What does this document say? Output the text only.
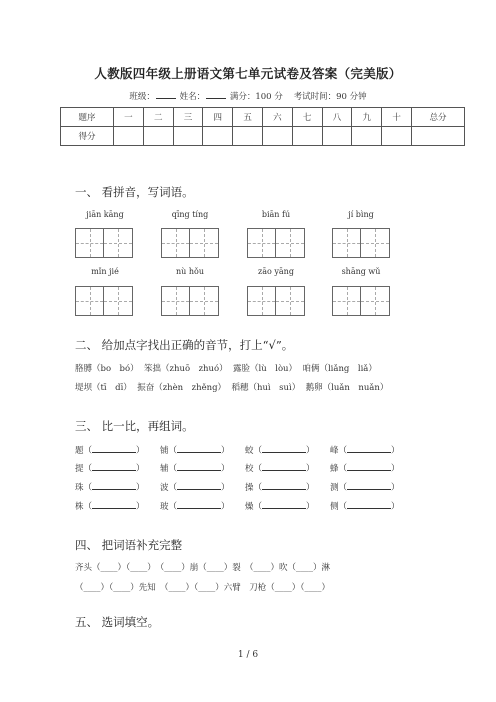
人教版四年级上册语文第七单元试卷及答案（完美版）
班级：	姓名：	满分：100 分 考试时间：90 分钟
题序	一	二	三	四	五	六	七	八	九	十	总分
得分											
一、 看拼音，写词语。
jiān kāng	qīng tíng	biān fú	jí bìng
mǐn jié	nù hǒu	zāo yāng	shāng wǔ
二、 给加点字找出正确的音节，打上“√”。
胳膊（bo　bó） 笨拙（zhuō　zhuó） 露脸（lù　lòu） 咱俩（liǎng　liǎ）
堤坝（tī　dī） 振奋（zhèn　zhěng） 稻穗（huì　suì） 鹅卵（luǎn　nuǎn）
三、 比一比，再组词。
题（	） 铺（	） 蛟（	） 峰（	）
提（	） 辅（	） 校（	） 蜂（	）
珠（	） 波（	） 操（	） 测（	）
株（	） 玻（	） 燥（	） 侧（	）
四、 把词语补充完整
齐头（____）（____）　（____）崩（____）裂　（____）吹（____）淋
（____）（____）先知　（____）（____）六臂　刀枪（____）（____）
五、 选词填空。
1 / 6
